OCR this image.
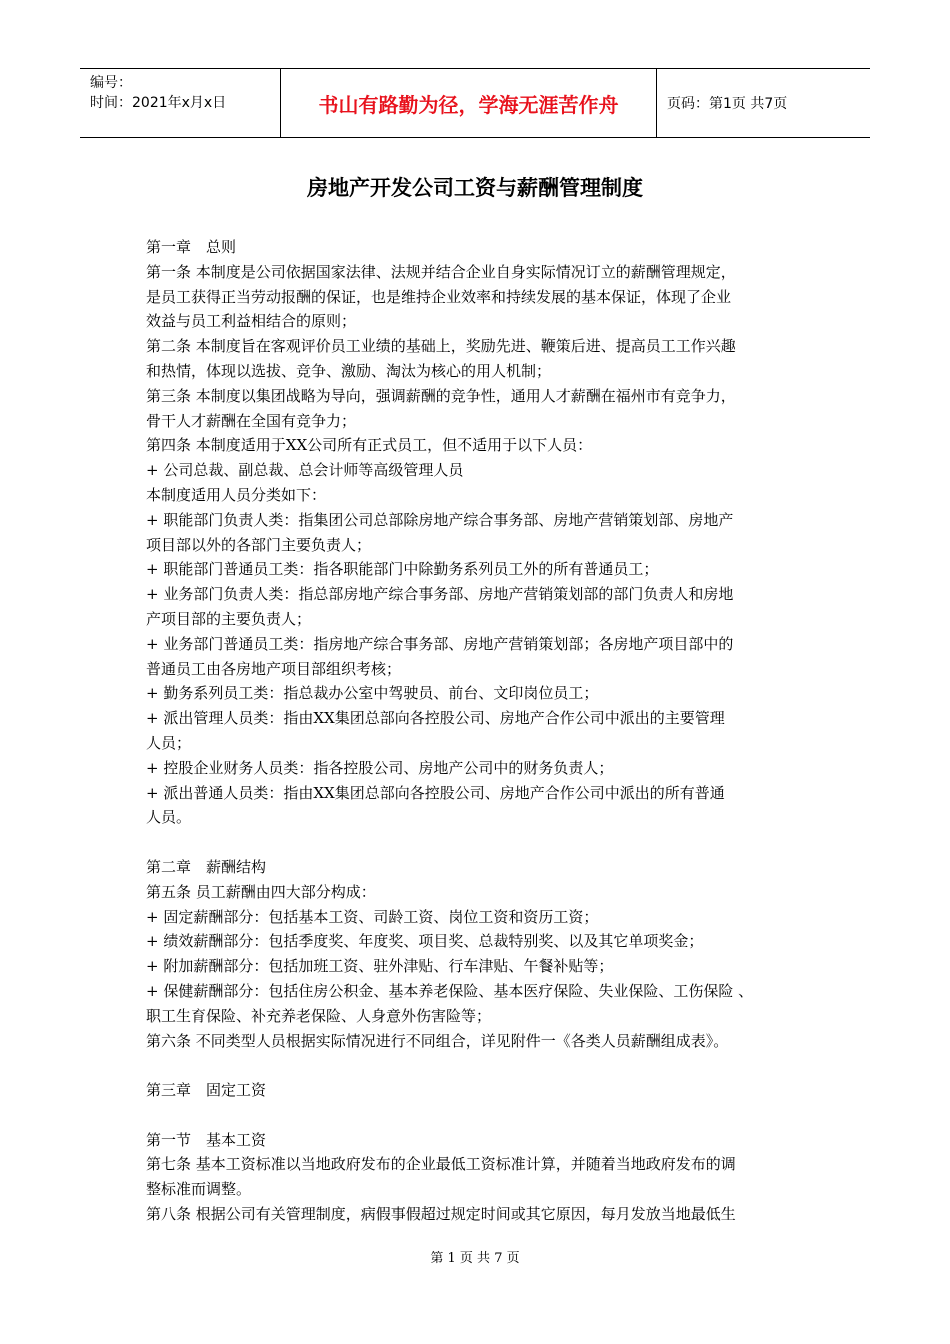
编号：
时间：2021年x月x日	书山有路勤为径，学海无涯苦作舟	页码：第1页 共7页
房地产开发公司工资与薪酬管理制度

第一章　总则

第一条 本制度是公司依据国家法律、法规并结合企业自身实际情况订立的薪酬管理规定，

是员工获得正当劳动报酬的保证，也是维持企业效率和持续发展的基本保证，体现了企业

效益与员工利益相结合的原则；

第二条 本制度旨在客观评价员工业绩的基础上，奖励先进、鞭策后进、提高员工工作兴趣

和热情，体现以选拔、竞争、激励、淘汰为核心的用人机制；

第三条 本制度以集团战略为导向，强调薪酬的竞争性，通用人才薪酬在福州市有竞争力，

骨干人才薪酬在全国有竞争力；

第四条 本制度适用于XX公司所有正式员工，但不适用于以下人员：

+ 公司总裁、副总裁、总会计师等高级管理人员

本制度适用人员分类如下：

+ 职能部门负责人类：指集团公司总部除房地产综合事务部、房地产营销策划部、房地产

项目部以外的各部门主要负责人；

+ 职能部门普通员工类：指各职能部门中除勤务系列员工外的所有普通员工；

+ 业务部门负责人类：指总部房地产综合事务部、房地产营销策划部的部门负责人和房地

产项目部的主要负责人；

+ 业务部门普通员工类：指房地产综合事务部、房地产营销策划部；各房地产项目部中的

普通员工由各房地产项目部组织考核；

+ 勤务系列员工类：指总裁办公室中驾驶员、前台、文印岗位员工；

+ 派出管理人员类：指由XX集团总部向各控股公司、房地产合作公司中派出的主要管理

人员；

+ 控股企业财务人员类：指各控股公司、房地产公司中的财务负责人；

+ 派出普通人员类：指由XX集团总部向各控股公司、房地产合作公司中派出的所有普通

人员。

第二章　薪酬结构

第五条 员工薪酬由四大部分构成：

+ 固定薪酬部分：包括基本工资、司龄工资、岗位工资和资历工资；

+ 绩效薪酬部分：包括季度奖、年度奖、项目奖、总裁特别奖、以及其它单项奖金；

+ 附加薪酬部分：包括加班工资、驻外津贴、行车津贴、午餐补贴等；

+ 保健薪酬部分：包括住房公积金、基本养老保险、基本医疗保险、失业保险、工伤保险 、

职工生育保险、补充养老保险、人身意外伤害险等；

第六条 不同类型人员根据实际情况进行不同组合，详见附件一《各类人员薪酬组成表》。

第三章　固定工资

第一节　基本工资

第七条 基本工资标准以当地政府发布的企业最低工资标准计算，并随着当地政府发布的调

整标准而调整。

第八条 根据公司有关管理制度，病假事假超过规定时间或其它原因，每月发放当地最低生

第 1 页 共 7 页
